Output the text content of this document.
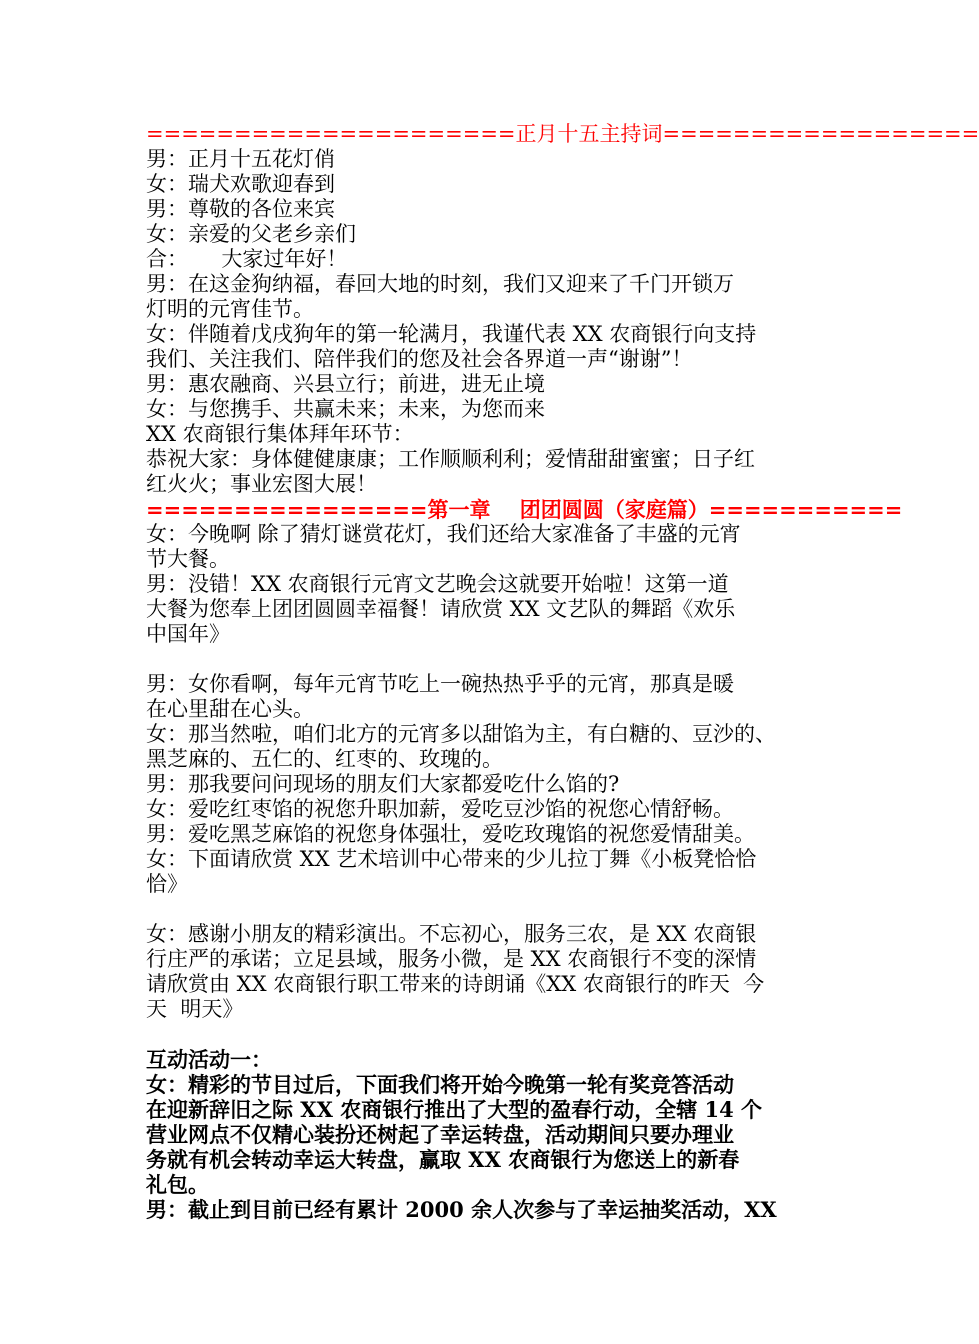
=====================正月十五主持词==================
男：正月十五花灯俏
女：瑞犬欢歌迎春到
男：尊敬的各位来宾
女：亲爱的父老乡亲们
合：     大家过年好！
男：在这金狗纳福，春回大地的时刻，我们又迎来了千门开锁万
灯明的元宵佳节。
女：伴随着戊戌狗年的第一轮满月，我谨代表 XX 农商银行向支持
我们、关注我们、陪伴我们的您及社会各界道一声“谢谢”！
男：惠农融商、兴县立行；前进，进无止境
女：与您携手、共赢未来；未来，为您而来
XX 农商银行集体拜年环节：
恭祝大家：身体健健康康；工作顺顺利利；爱情甜甜蜜蜜；日子红
红火火；事业宏图大展！
================第一章    团团圆圆（家庭篇）===========
女：今晚啊 除了猜灯谜赏花灯，我们还给大家准备了丰盛的元宵
节大餐。
男：没错！XX 农商银行元宵文艺晚会这就要开始啦！这第一道
大餐为您奉上团团圆圆幸福餐！请欣赏 XX 文艺队的舞蹈《欢乐
中国年》
男：女你看啊，每年元宵节吃上一碗热热乎乎的元宵，那真是暖
在心里甜在心头。
女：那当然啦，咱们北方的元宵多以甜馅为主，有白糖的、豆沙的、
黑芝麻的、五仁的、红枣的、玫瑰的。
男：那我要问问现场的朋友们大家都爱吃什么馅的?
女：爱吃红枣馅的祝您升职加薪，爱吃豆沙馅的祝您心情舒畅。
男：爱吃黑芝麻馅的祝您身体强壮，爱吃玫瑰馅的祝您爱情甜美。
女：下面请欣赏 XX 艺术培训中心带来的少儿拉丁舞《小板凳恰恰
恰》
女：感谢小朋友的精彩演出。不忘初心，服务三农，是 XX 农商银
行庄严的承诺；立足县域，服务小微，是 XX 农商银行不变的深情
请欣赏由 XX 农商银行职工带来的诗朗诵《XX 农商银行的昨天  今
天  明天》
互动活动一：
女：精彩的节目过后，下面我们将开始今晚第一轮有奖竞答活动
在迎新辞旧之际 XX 农商银行推出了大型的盈春行动，全辖 14 个
营业网点不仅精心装扮还树起了幸运转盘，活动期间只要办理业
务就有机会转动幸运大转盘，赢取 XX 农商银行为您送上的新春
礼包。
男：截止到目前已经有累计 2000 余人次参与了幸运抽奖活动，XX
